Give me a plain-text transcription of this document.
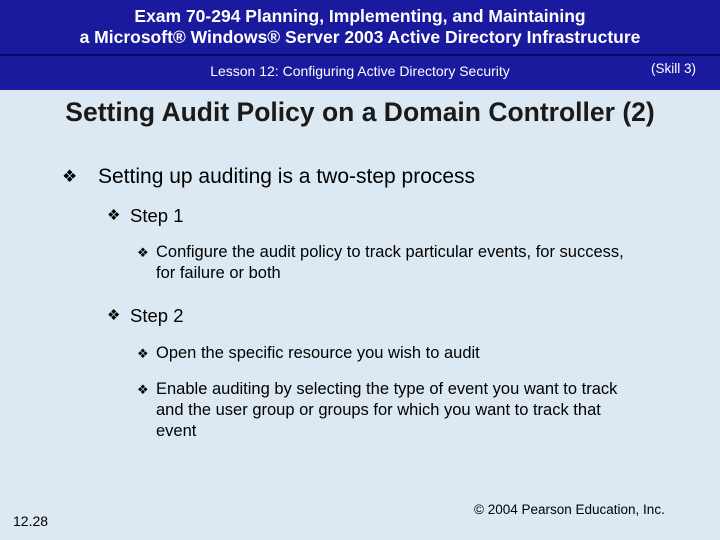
Exam 70-294 Planning, Implementing, and Maintaining
a Microsoft® Windows® Server 2003 Active Directory Infrastructure
Lesson 12: Configuring Active Directory Security	(Skill 3)
Setting Audit Policy on a Domain Controller (2)
❖ Setting up auditing is a two-step process
❖ Step 1
❖ Configure the audit policy to track particular events, for success, for failure or both
❖ Step 2
❖ Open the specific resource you wish to audit
❖ Enable auditing by selecting the type of event you want to track and the user group or groups for which you want to track that event
12.28
© 2004 Pearson Education, Inc.
